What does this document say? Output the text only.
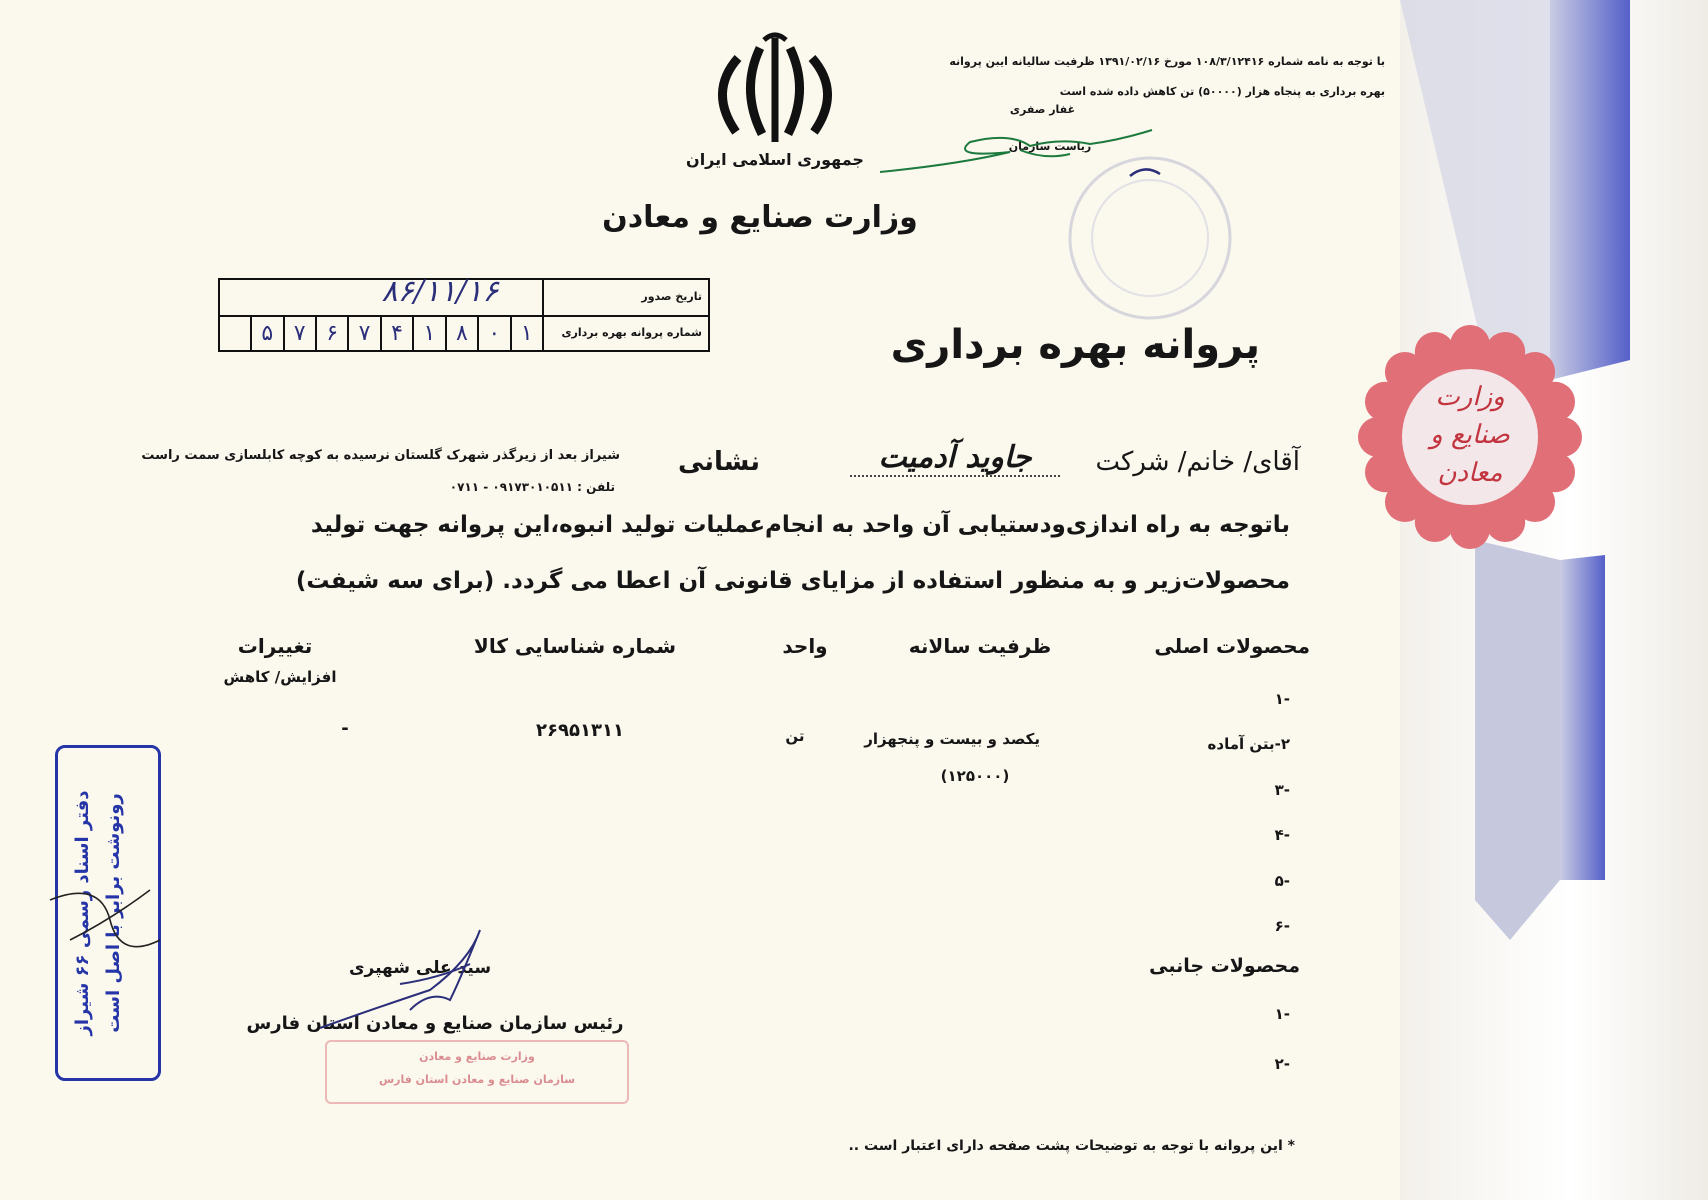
جمهوری اسلامی ایران
وزارت صنایع و معادن
با توجه به نامه شماره ۱۰۸/۳/۱۲۴۱۶ مورخ ۱۳۹۱/۰۲/۱۶ ظرفیت سالیانه ایبن پروانه
بهره برداری به پنجاه هزار (۵۰۰۰۰) تن کاهش داده شده است
غفار صفری
ریاست سازمان
پروانه بهره برداری
تاریخ صدور
۸۶/۱۱/۱۶
شماره پروانه بهره برداری
۱
۰
۸
۱
۴
۷
۶
۷
۵
وزارت
صنایع و
معادن
آقای/ خانم/ شرکت
جاوید آدمیت
نشانی
شیراز بعد از زیرگذر شهرک گلستان نرسیده به کوچه کابلسازی سمت راست
تلفن : ۰۹۱۷۳۰۱۰۵۱۱ - ۰۷۱۱
باتوجه به راه اندازی‌ودستیابی آن واحد به انجام‌عملیات تولید انبوه،این پروانه جهت تولید
محصولات‌زیر و به منظور استفاده از مزایای قانونی آن اعطا می گردد. (برای سه شیفت)
محصولات اصلی
ظرفیت سالانه
واحد
شماره شناسایی کالا
تغییرات
افزایش/ کاهش
۱-
۲-بتن آماده
۳-
۴-
۵-
۶-
یکصد و بیست و پنجهزار
(۱۲۵۰۰۰)
تن
۲۶۹۵۱۳۱۱
-
محصولات جانبی
۱-
۲-
سید علی شهپری
رئیس سازمان صنایع و معادن استان فارس
وزارت صنایع و معادن
سازمان صنایع و معادن استان فارس
دفتر اسناد رسمی ۶۶ شیراز رونوشت برابر با اصل است
* این پروانه با توجه به توضیحات پشت صفحه دارای اعتبار است ..
